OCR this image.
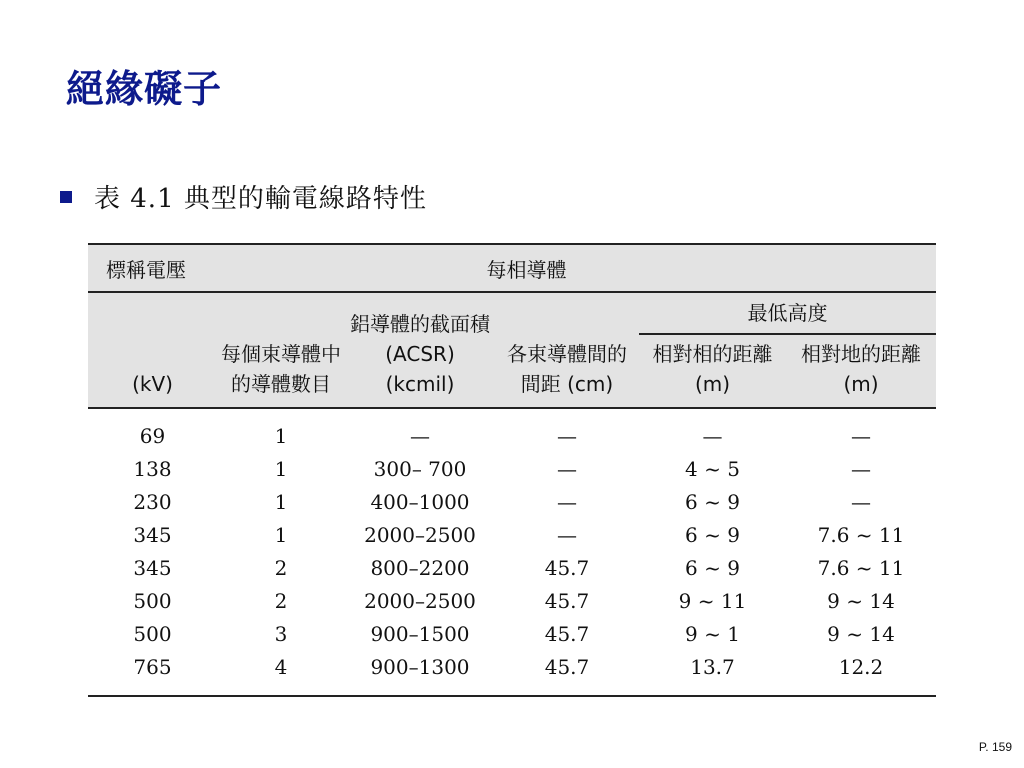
絕緣礙子
表 4.1 典型的輸電線路特性
標稱電壓	每相導體				
(kV)	每個束導體中的導體數目	鋁導體的截面積 (ACSR) (kcmil)	各束導體間的間距 (cm)	最低高度	
				相對相的距離 (m)	相對地的距離 (m)
69	1	—	—	—	—
138	1	300– 700	—	4 ~ 5	—
230	1	400–1000	—	6 ~ 9	—
345	1	2000–2500	—	6 ~ 9	7.6 ~ 11
345	2	800–2200	45.7	6 ~ 9	7.6 ~ 11
500	2	2000–2500	45.7	9 ~ 11	9 ~ 14
500	3	900–1500	45.7	9 ~ 1	9 ~ 14
765	4	900–1300	45.7	13.7	12.2
P. 159
